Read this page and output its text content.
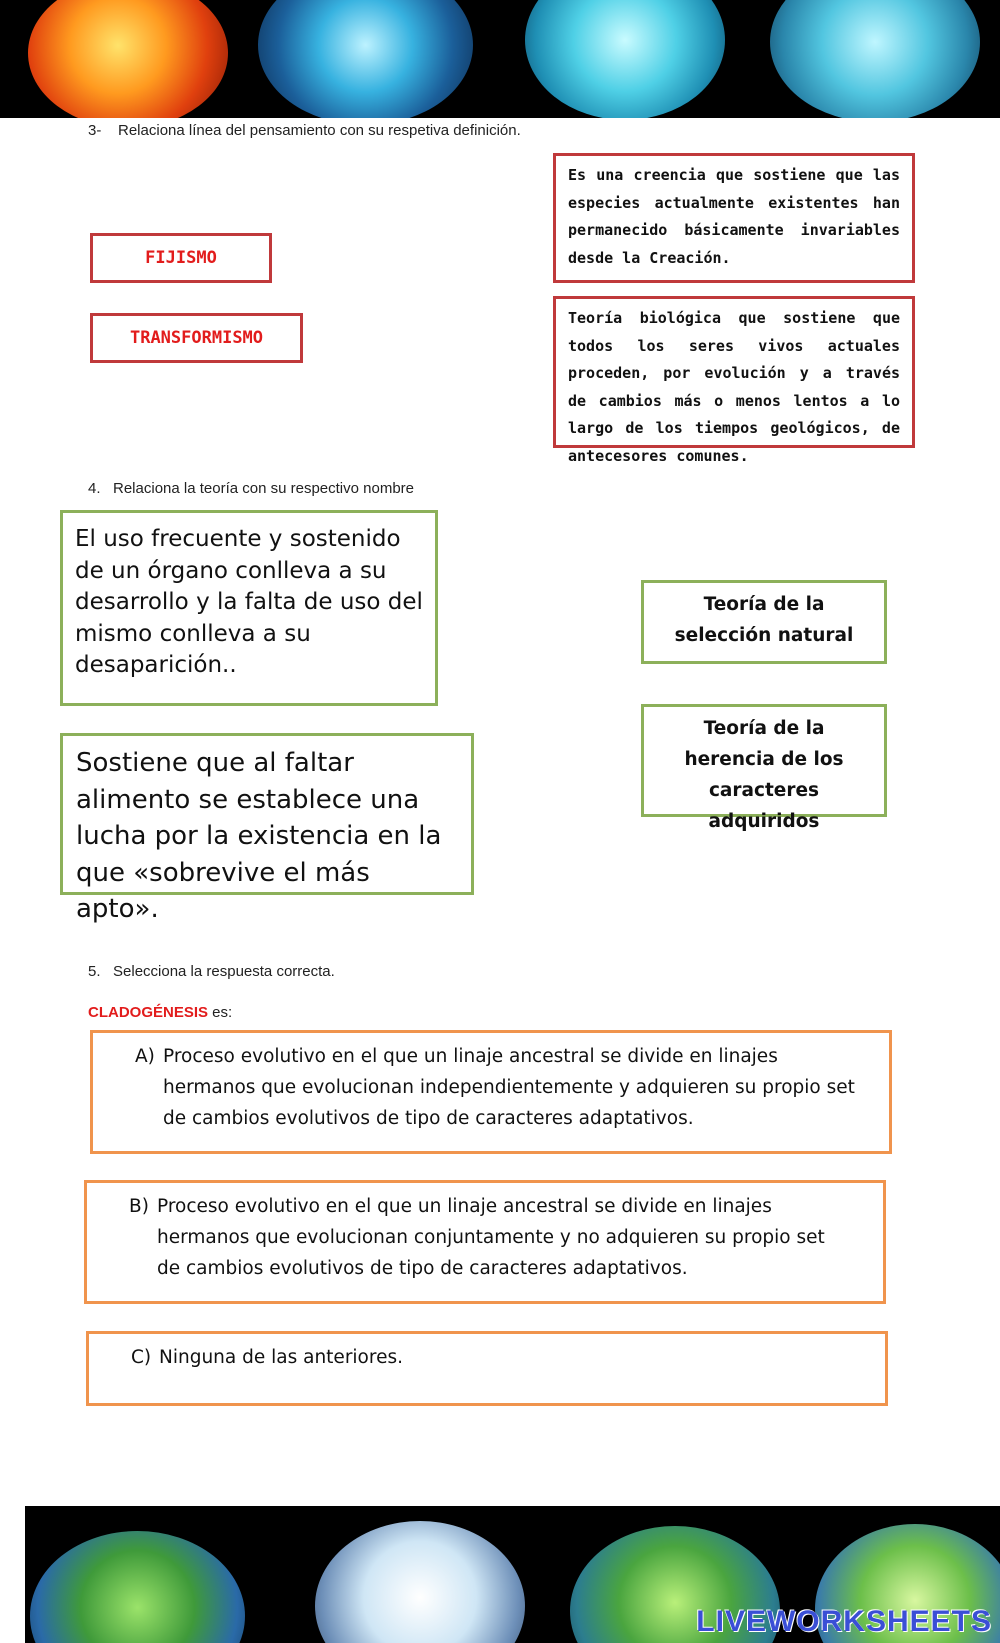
3-    Relaciona línea del pensamiento con su respetiva definición.
FIJISMO
TRANSFORMISMO
Es una creencia que sostiene que las especies actualmente existentes han permanecido básicamente invariables desde la Creación.
Teoría biológica que sostiene que todos los seres vivos actuales proceden, por evolución y a través de cambios más o menos lentos a lo largo de los tiempos geológicos, de antecesores comunes.
4.   Relaciona la teoría con su respectivo nombre
El uso frecuente y sostenido de un órgano conlleva a su desarrollo y la falta de uso del mismo conlleva a su desaparición..
Sostiene que al faltar alimento se establece una lucha por la existencia en la que «sobrevive el más apto».
Teoría de la selección natural
Teoría de la herencia de los caracteres adquiridos
5.   Selecciona la respuesta correcta.
CLADOGÉNESIS es:
A) Proceso evolutivo en el que un linaje ancestral se divide en linajes hermanos que evolucionan independientemente y adquieren su propio set de cambios evolutivos de tipo de caracteres adaptativos.
B) Proceso evolutivo en el que un linaje ancestral se divide en linajes hermanos que evolucionan conjuntamente y no adquieren su propio set de cambios evolutivos de tipo de caracteres adaptativos.
C) Ninguna de las anteriores.
LIVEWORKSHEETS
